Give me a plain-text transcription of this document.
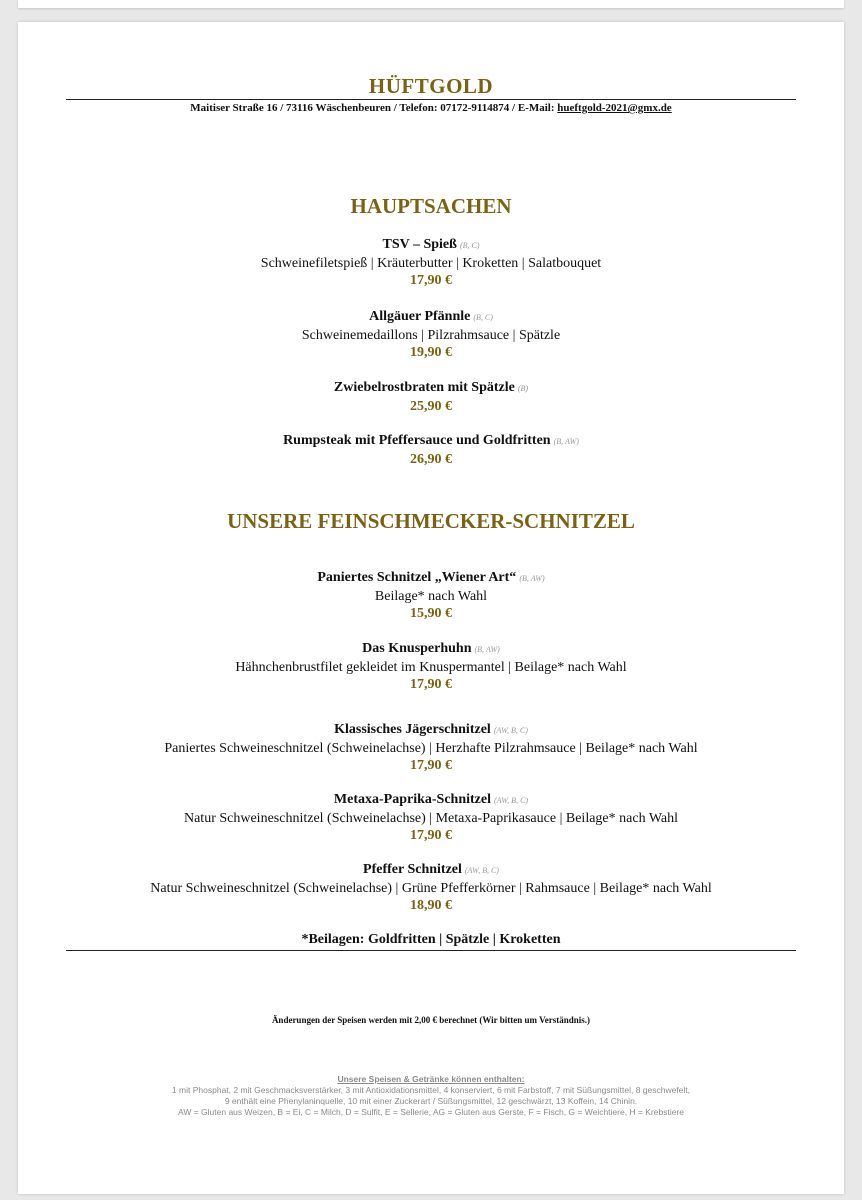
HÜFTGOLD
Maitiser Straße 16 / 73116 Wäschenbeuren / Telefon: 07172-9114874 / E-Mail: hueftgold-2021@gmx.de
HAUPTSACHEN
TSV – Spieß (B, C)
Schweinefiletspieß | Kräuterbutter | Kroketten | Salatbouquet
17,90 €
Allgäuer Pfännle (B, C)
Schweinemedaillons | Pilzrahmsauce | Spätzle
19,90 €
Zwiebelrostbraten mit Spätzle (B)
25,90 €
Rumpsteak mit Pfeffersauce und Goldfritten (B, AW)
26,90 €
UNSERE FEINSCHMECKER-SCHNITZEL
Paniertes Schnitzel „Wiener Art“ (B, AW)
Beilage* nach Wahl
15,90 €
Das Knusperhuhn (B, AW)
Hähnchenbrustfilet gekleidet im Knuspermantel | Beilage* nach Wahl
17,90 €
Klassisches Jägerschnitzel (AW, B, C)
Paniertes Schweineschnitzel (Schweinelachse) | Herzhafte Pilzrahmsauce | Beilage* nach Wahl
17,90 €
Metaxa-Paprika-Schnitzel (AW, B, C)
Natur Schweineschnitzel (Schweinelachse) | Metaxa-Paprikasauce | Beilage* nach Wahl
17,90 €
Pfeffer Schnitzel (AW, B, C)
Natur Schweineschnitzel (Schweinelachse) | Grüne Pfefferkörner | Rahmsauce | Beilage* nach Wahl
18,90 €
*Beilagen: Goldfritten | Spätzle | Kroketten
Änderungen der Speisen werden mit 2,00 € berechnet (Wir bitten um Verständnis.)
Unsere Speisen & Getränke können enthalten:
1 mit Phosphat, 2 mit Geschmacksverstärker, 3 mit Antioxidationsmittel, 4 konserviert, 6 mit Farbstoff, 7 mit Süßungsmittel, 8 geschwefelt,
9 enthält eine Phenylaninquelle, 10 mit einer Zuckerart / Süßungsmittel, 12 geschwärzt, 13 Koffein, 14 Chinin.
AW = Gluten aus Weizen, B = Ei, C = Milch, D = Sulfit, E = Sellerie, AG = Gluten aus Gerste, F = Fisch, G = Weichtiere, H = Krebstiere
